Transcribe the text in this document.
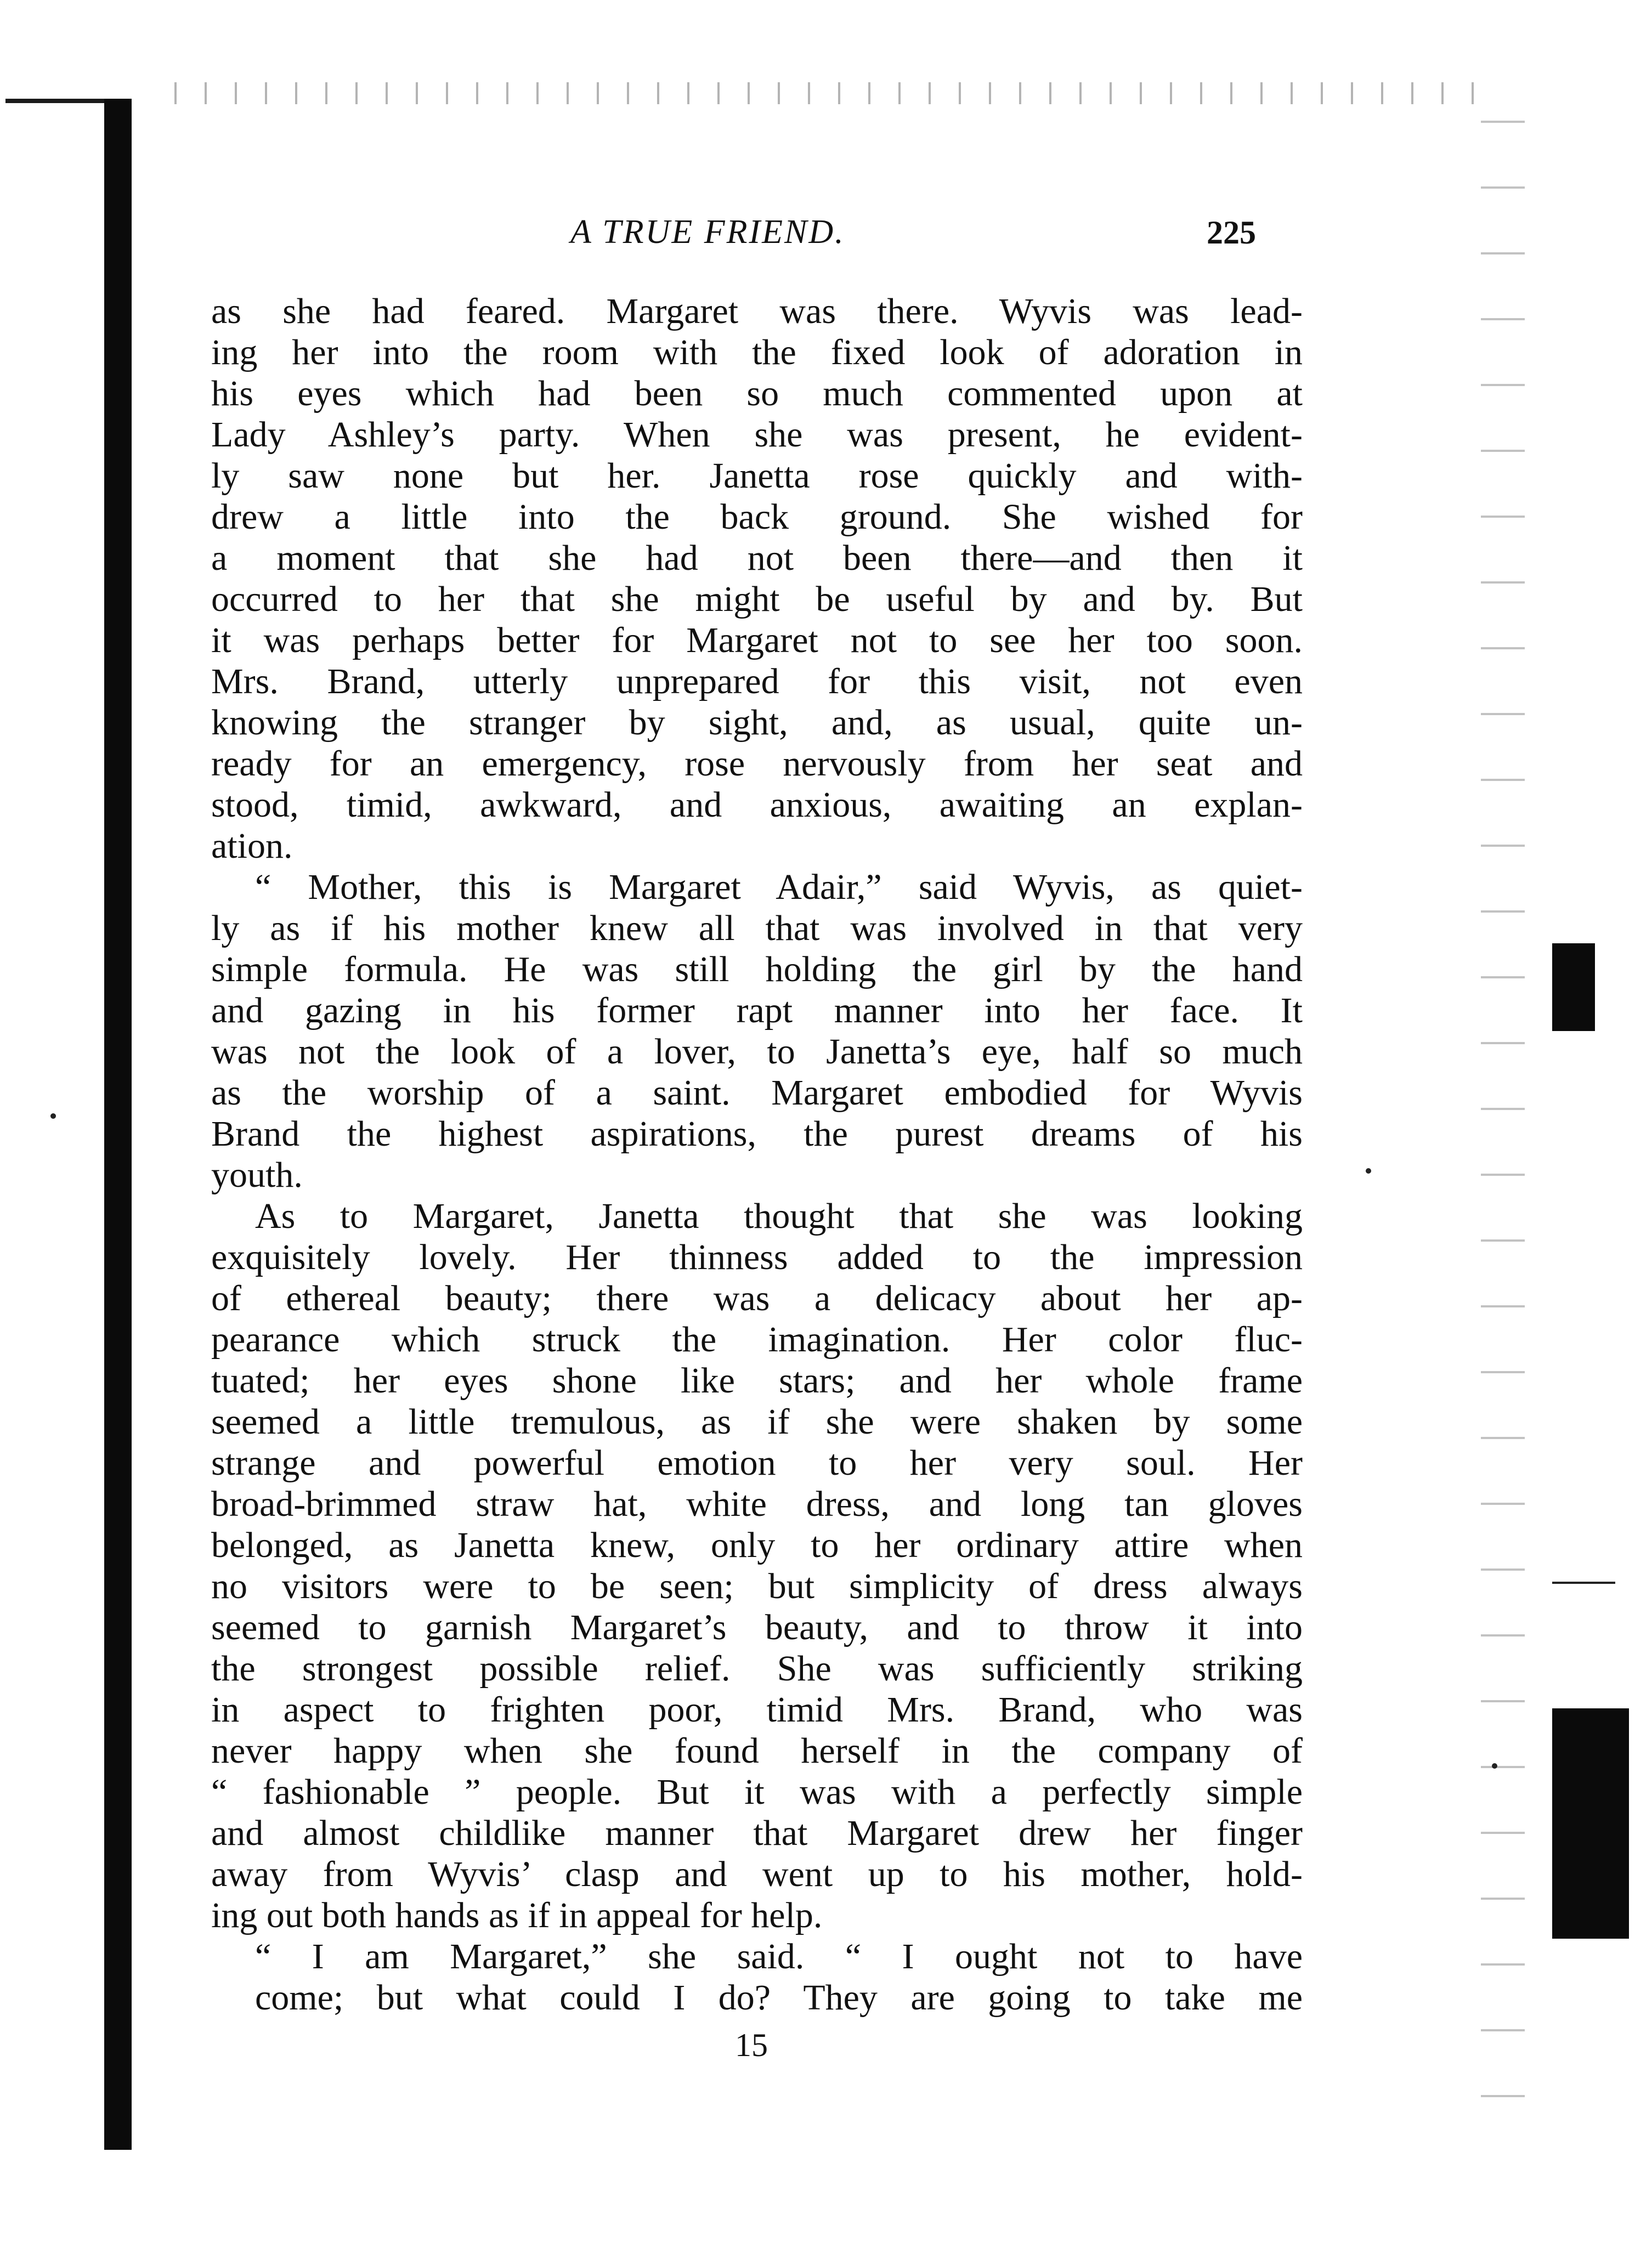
A TRUE FRIEND.	225
as she had feared. Margaret was there. Wyvis was lead-
ing her into the room with the fixed look of adoration in
his eyes which had been so much commented upon at
Lady Ashley’s party. When she was present, he evident-
ly saw none but her. Janetta rose quickly and with-
drew a little into the back ground. She wished for
a moment that she had not been there—and then it
occurred to her that she might be useful by and by. But
it was perhaps better for Margaret not to see her too soon.
Mrs. Brand, utterly unprepared for this visit, not even
knowing the stranger by sight, and, as usual, quite un-
ready for an emergency, rose nervously from her seat and
stood, timid, awkward, and anxious, awaiting an explan-
ation.
“ Mother, this is Margaret Adair,” said Wyvis, as quiet-
ly as if his mother knew all that was involved in that very
simple formula. He was still holding the girl by the hand
and gazing in his former rapt manner into her face. It
was not the look of a lover, to Janetta’s eye, half so much
as the worship of a saint. Margaret embodied for Wyvis
Brand the highest aspirations, the purest dreams of his
youth.
As to Margaret, Janetta thought that she was looking
exquisitely lovely. Her thinness added to the impression
of ethereal beauty; there was a delicacy about her ap-
pearance which struck the imagination. Her color fluc-
tuated; her eyes shone like stars; and her whole frame
seemed a little tremulous, as if she were shaken by some
strange and powerful emotion to her very soul. Her
broad-brimmed straw hat, white dress, and long tan gloves
belonged, as Janetta knew, only to her ordinary attire when
no visitors were to be seen; but simplicity of dress always
seemed to garnish Margaret’s beauty, and to throw it into
the strongest possible relief. She was sufficiently striking
in aspect to frighten poor, timid Mrs. Brand, who was
never happy when she found herself in the company of
“ fashionable ” people. But it was with a perfectly simple
and almost childlike manner that Margaret drew her finger
away from Wyvis’ clasp and went up to his mother, hold-
ing out both hands as if in appeal for help.
“ I am Margaret,” she said. “ I ought not to have
come; but what could I do? They are going to take me
15
